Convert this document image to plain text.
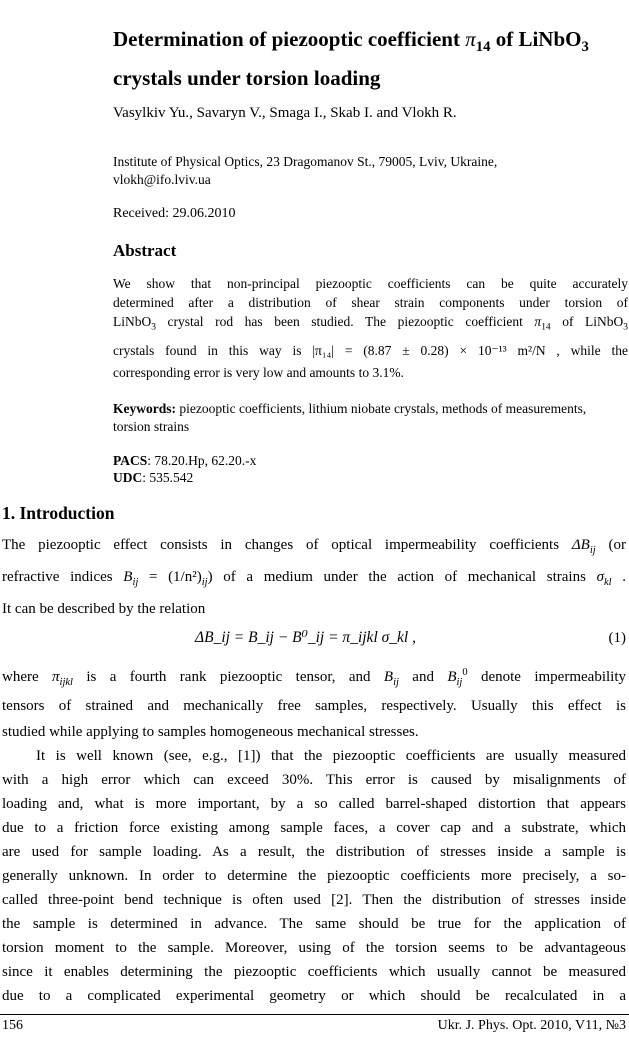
Determination of piezooptic coefficient $\pi_{14}$ of LiNbO$_3$
crystals under torsion loading
Vasylkiv Yu., Savaryn V., Smaga I., Skab I. and Vlokh R.
Institute of Physical Optics, 23 Dragomanov St., 79005, Lviv, Ukraine,
vlokh@ifo.lviv.ua
Received: 29.06.2010
Abstract
We show that non-principal piezooptic coefficients can be quite accurately
determined after a distribution of shear strain components under torsion of
LiNbO$_3$ crystal rod has been studied. The piezooptic coefficient $\pi_{14}$ of LiNbO$_3$
crystals found in this way is |π₁₄| = (8.87 ± 0.28) × 10⁻¹³ m²/N , while the
corresponding error is very low and amounts to 3.1%.
Keywords: piezooptic coefficients, lithium niobate crystals, methods of measurements, torsion strains
PACS: 78.20.Hp, 62.20.-x
UDC: 535.542
1. Introduction
The piezooptic effect consists in changes of optical impermeability coefficients $\Delta B_{ij}$ (or
refractive indices $B_{ij} = (1/n^2)_{ij}$) of a medium under the action of mechanical strains $\sigma_{kl}$ .
It can be described by the relation
ΔB_ij = B_ij − B⁰_ij = π_ijkl σ_kl ,	(1)
where $\pi_{ijkl}$ is a fourth rank piezooptic tensor, and $B_{ij}$ and $B_{ij}^0$ denote impermeability
tensors of strained and mechanically free samples, respectively. Usually this effect is
studied while applying to samples homogeneous mechanical stresses.
It is well known (see, e.g., [1]) that the piezooptic coefficients are usually measured
with a high error which can exceed 30%. This error is caused by misalignments of
loading and, what is more important, by a so called barrel-shaped distortion that appears
due to a friction force existing among sample faces, a cover cap and a substrate, which
are used for sample loading. As a result, the distribution of stresses inside a sample is
generally unknown. In order to determine the piezooptic coefficients more precisely, a so-
called three-point bend technique is often used [2]. Then the distribution of stresses inside
the sample is determined in advance. The same should be true for the application of
torsion moment to the sample. Moreover, using of the torsion seems to be advantageous
since it enables determining the piezooptic coefficients which usually cannot be measured
due to a complicated experimental geometry or which should be recalculated in a
156	Ukr. J. Phys. Opt. 2010, V11, №3
